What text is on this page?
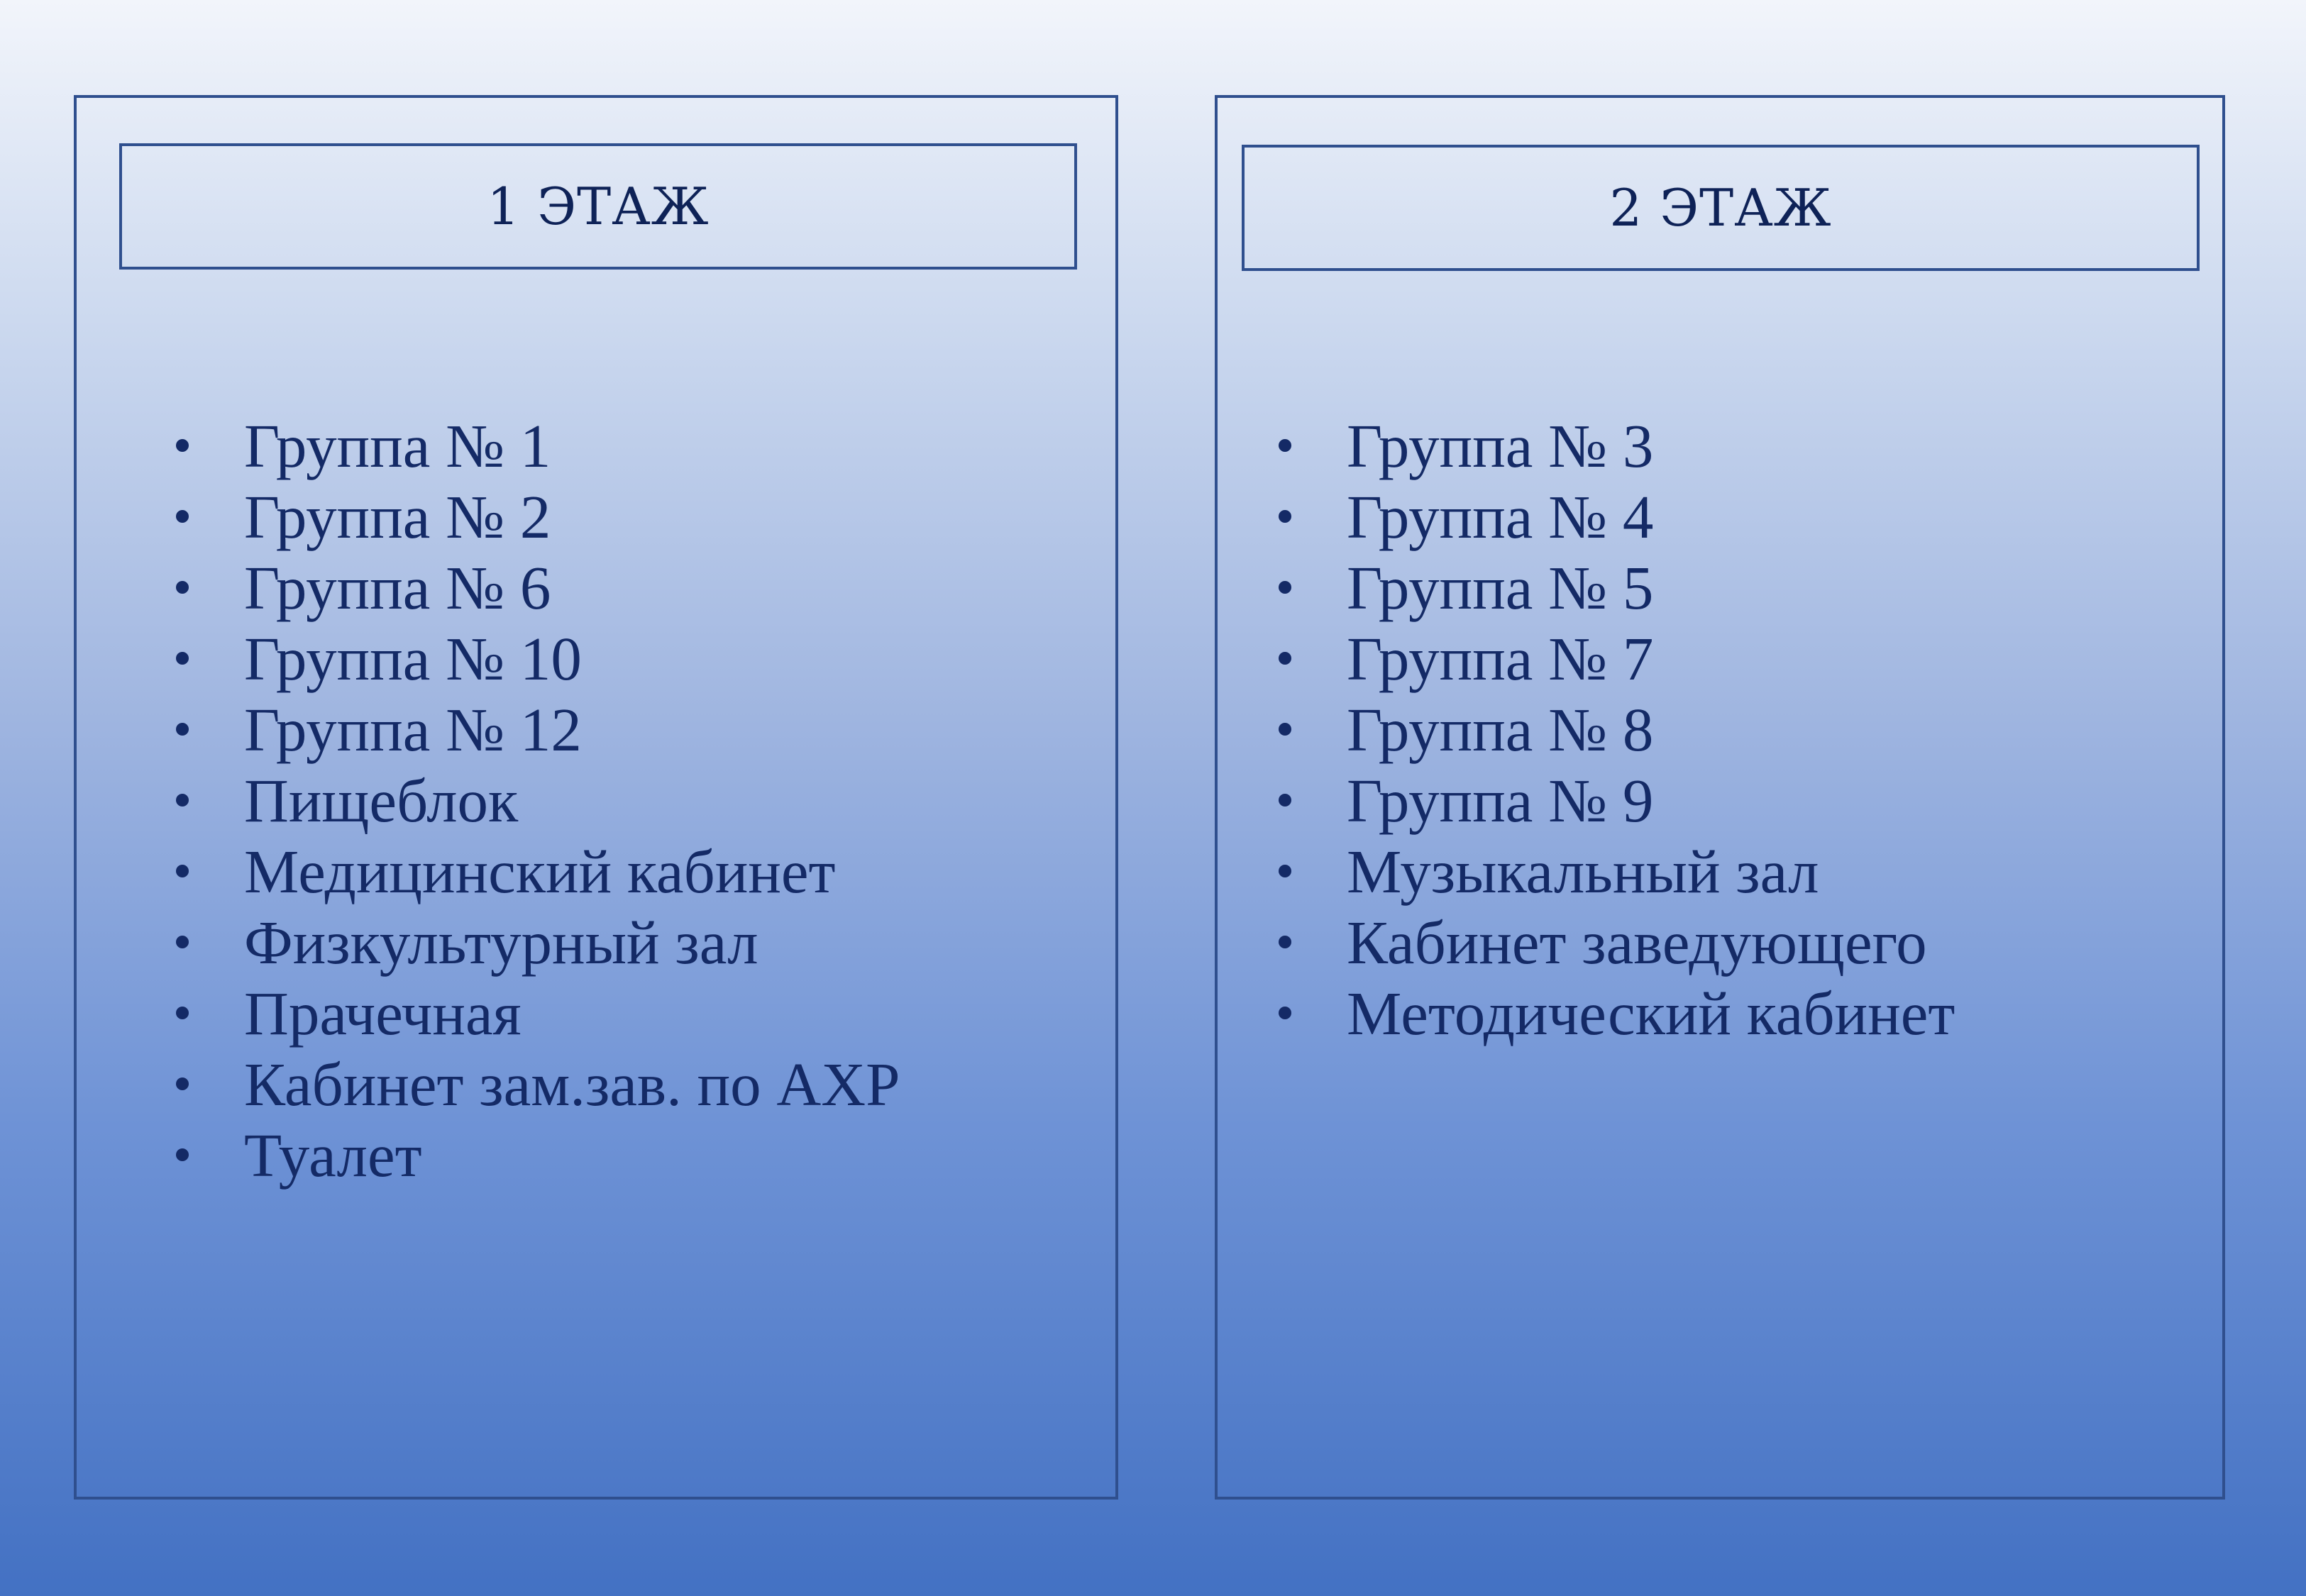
1 ЭТАЖ
Группа № 1
Группа № 2
Группа № 6
Группа № 10
Группа № 12
Пищеблок
Медицинский кабинет
Физкультурный зал
Прачечная
Кабинет зам.зав. по АХР
Туалет
2 ЭТАЖ
Группа № 3
Группа № 4
Группа № 5
Группа № 7
Группа № 8
Группа № 9
Музыкальный зал
Кабинет заведующего
Методический кабинет
